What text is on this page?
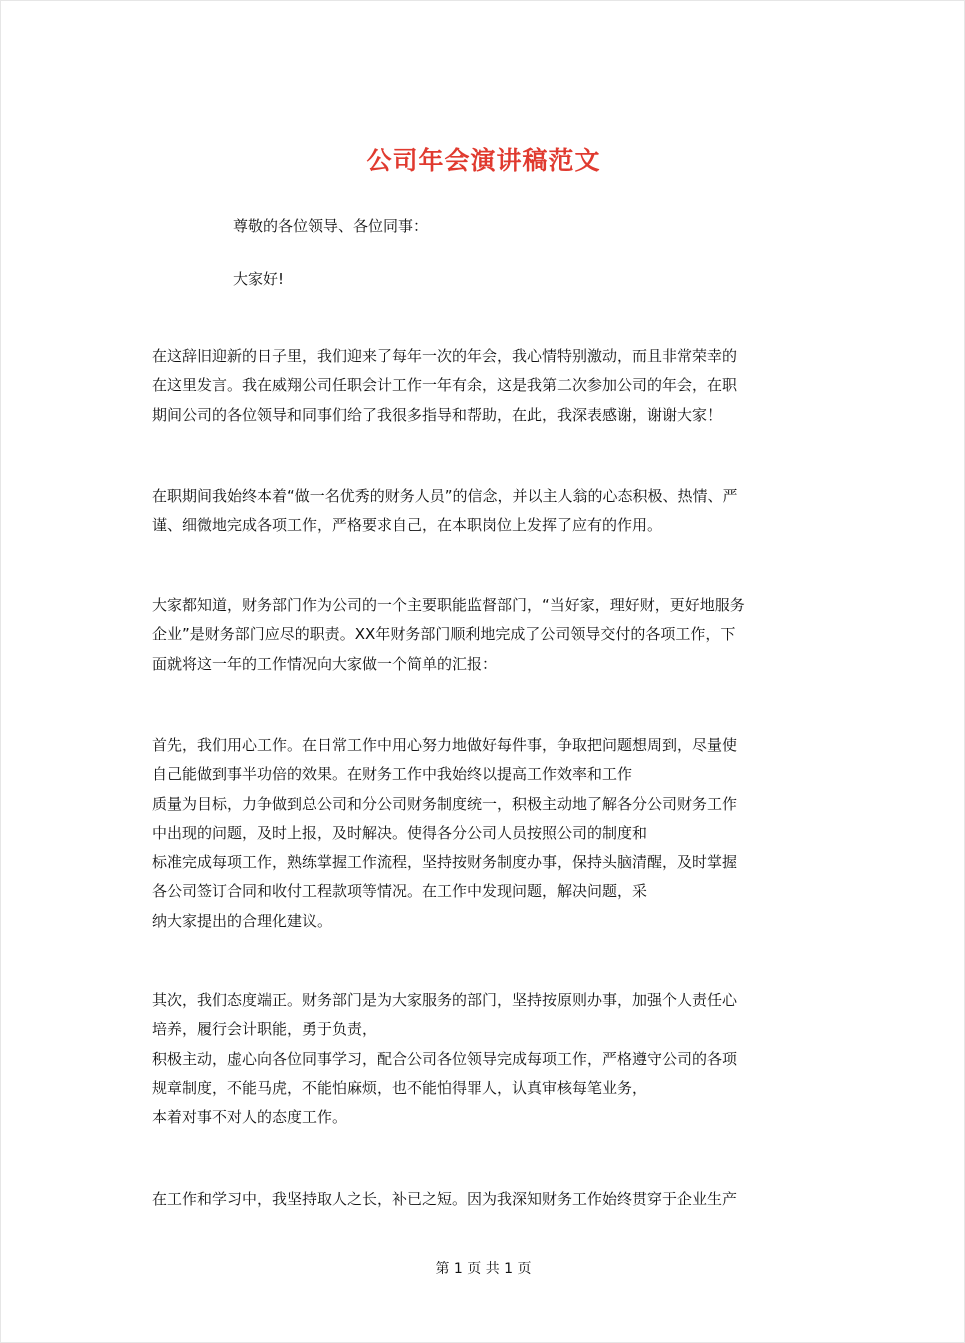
公司年会演讲稿范文
尊敬的各位领导、各位同事：
大家好!
在这辞旧迎新的日子里，我们迎来了每年一次的年会，我心情特别激动，而且非常荣幸的
在这里发言。我在威翔公司任职会计工作一年有余，这是我第二次参加公司的年会，在职
期间公司的各位领导和同事们给了我很多指导和帮助，在此，我深表感谢，谢谢大家！
在职期间我始终本着“做一名优秀的财务人员”的信念，并以主人翁的心态积极、热情、严
谨、细微地完成各项工作，严格要求自己，在本职岗位上发挥了应有的作用。
大家都知道，财务部门作为公司的一个主要职能监督部门，“当好家，理好财，更好地服务
企业”是财务部门应尽的职责。XX年财务部门顺利地完成了公司领导交付的各项工作，下
面就将这一年的工作情况向大家做一个简单的汇报：
首先，我们用心工作。在日常工作中用心努力地做好每件事，争取把问题想周到，尽量使
自己能做到事半功倍的效果。在财务工作中我始终以提高工作效率和工作
质量为目标，力争做到总公司和分公司财务制度统一，积极主动地了解各分公司财务工作
中出现的问题，及时上报，及时解决。使得各分公司人员按照公司的制度和
标准完成每项工作，熟练掌握工作流程，坚持按财务制度办事，保持头脑清醒，及时掌握
各公司签订合同和收付工程款项等情况。在工作中发现问题，解决问题，采
纳大家提出的合理化建议。
其次，我们态度端正。财务部门是为大家服务的部门，坚持按原则办事，加强个人责任心
培养，履行会计职能，勇于负责，
积极主动，虚心向各位同事学习，配合公司各位领导完成每项工作，严格遵守公司的各项
规章制度，不能马虎，不能怕麻烦，也不能怕得罪人，认真审核每笔业务，
本着对事不对人的态度工作。
在工作和学习中，我坚持取人之长，补已之短。因为我深知财务工作始终贯穿于企业生产
第 1 页 共 1 页
